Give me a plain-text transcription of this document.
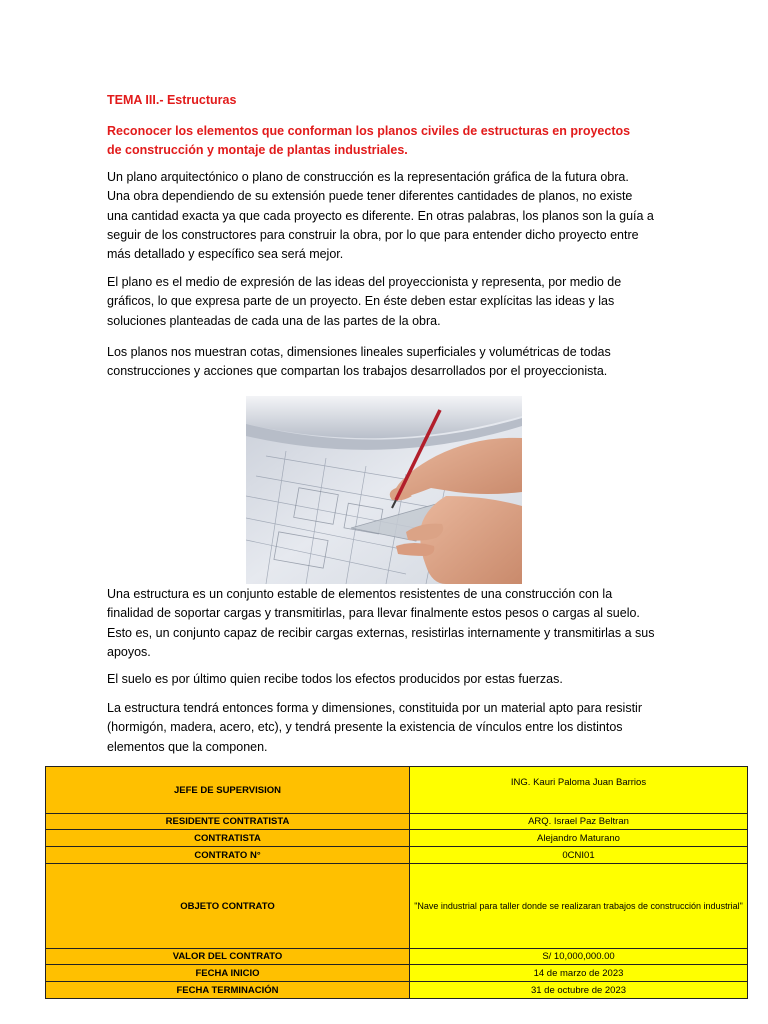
TEMA III.- Estructuras
Reconocer los elementos que conforman los planos civiles de estructuras en proyectos de construcción y montaje de plantas industriales.
Un plano arquitectónico o plano de construcción es la representación gráfica de la futura obra. Una obra dependiendo de su extensión puede tener diferentes cantidades de planos, no existe una cantidad exacta ya que cada proyecto es diferente. En otras palabras, los planos son la guía a seguir de los constructores para construir la obra, por lo que para entender dicho proyecto entre más detallado y específico sea será mejor.
El plano es el medio de expresión de las ideas del proyeccionista y representa, por medio de gráficos, lo que expresa parte de un proyecto. En éste deben estar explícitas las ideas y las soluciones planteadas de cada una de las partes de la obra.
Los planos nos muestran cotas, dimensiones lineales superficiales y volumétricas de todas construcciones y acciones que compartan los trabajos desarrollados por el proyeccionista.
Una estructura es un conjunto estable de elementos resistentes de una construcción con la finalidad de soportar cargas y transmitirlas, para llevar finalmente estos pesos o cargas al suelo. Esto es, un conjunto capaz de recibir cargas externas, resistirlas internamente y transmitirlas a sus apoyos.
El suelo es por último quien recibe todos los efectos producidos por estas fuerzas.
La estructura tendrá entonces forma y dimensiones, constituida por un material apto para resistir (hormigón, madera, acero, etc), y tendrá presente la existencia de vínculos entre los distintos elementos que la componen.
JEFE DE SUPERVISION	ING. Kauri Paloma Juan Barrios
RESIDENTE CONTRATISTA	ARQ. Israel Paz Beltran
CONTRATISTA	Alejandro Maturano
CONTRATO N°	0CNI01
OBJETO CONTRATO	"Nave industrial para taller donde se realizaran trabajos de construcción industrial"
VALOR DEL CONTRATO	S/ 10,000,000.00
FECHA INICIO	14 de marzo de 2023
FECHA TERMINACIÓN	31 de octubre de 2023
